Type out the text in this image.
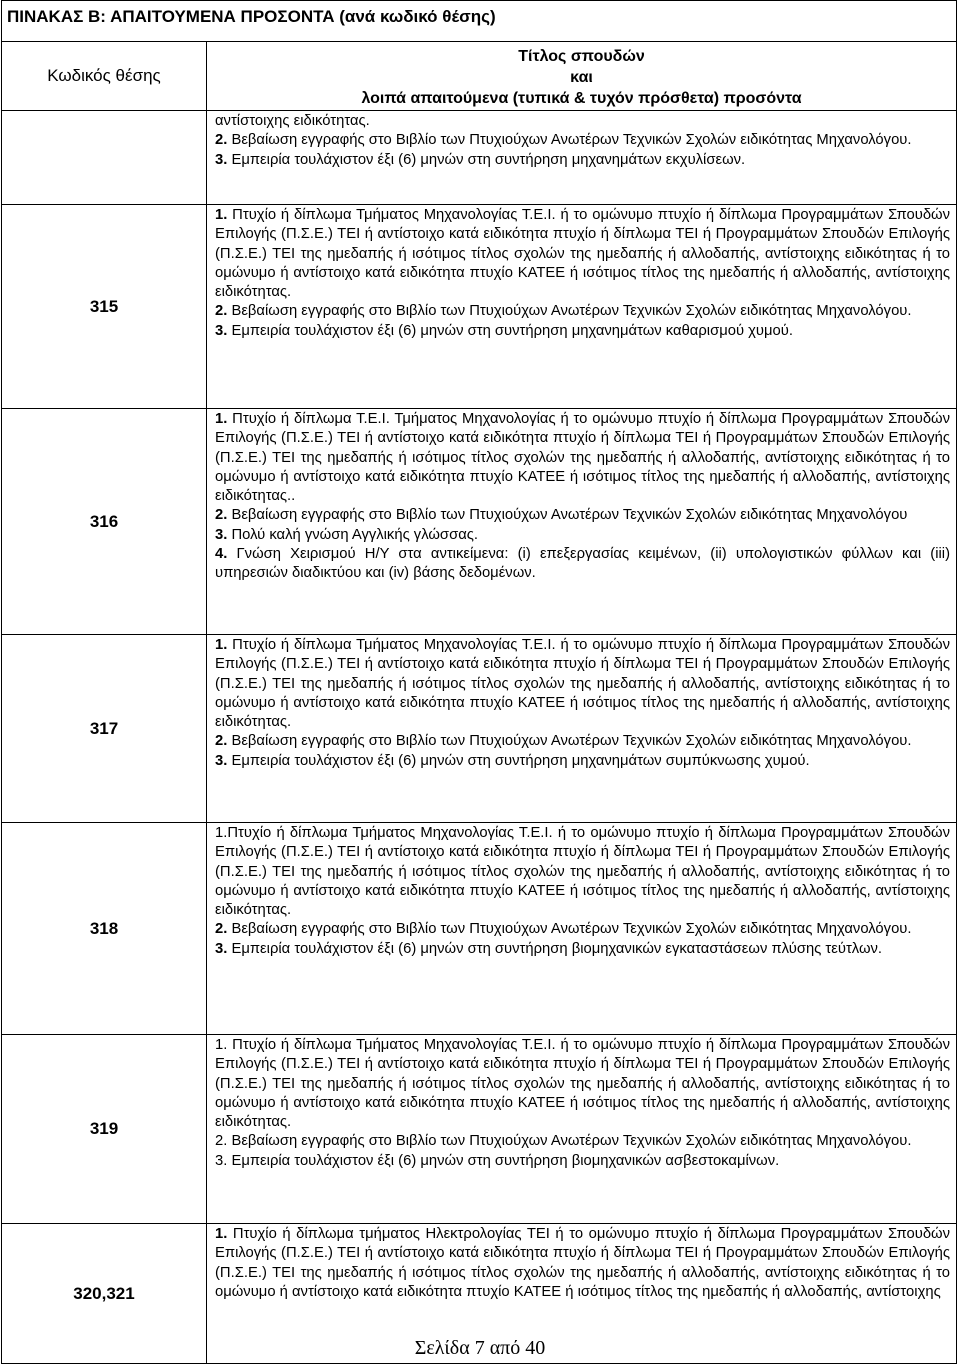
ΠΙΝΑΚΑΣ Β: ΑΠΑΙΤΟΥΜΕΝΑ ΠΡΟΣΟΝΤΑ (ανά κωδικό θέσης)	
Κωδικός θέσης	Τίτλος σπουδών
και
λοιπά απαιτούμενα (τυπικά & τυχόν πρόσθετα) προσόντα

	αντίστοιχης ειδικότητας.
2. Βεβαίωση εγγραφής στο Βιβλίο των Πτυχιούχων Ανωτέρων Τεχνικών Σχολών ειδικότητας Μηχανολόγου.
3. Εμπειρία τουλάχιστον έξι (6) μηνών στη συντήρηση μηχανημάτων εκχυλίσεων.

315	1. Πτυχίο ή δίπλωμα Τμήματος Μηχανολογίας Τ.Ε.Ι. ή το ομώνυμο πτυχίο ή δίπλωμα Προγραμμάτων Σπουδών Επιλογής (Π.Σ.Ε.) ΤΕΙ ή αντίστοιχο κατά ειδικότητα πτυχίο ή δίπλωμα ΤΕΙ ή Προγραμμάτων Σπουδών Επιλογής (Π.Σ.Ε.) ΤΕΙ της ημεδαπής ή ισότιμος τίτλος σχολών της ημεδαπής ή αλλοδαπής, αντίστοιχης ειδικότητας ή το ομώνυμο ή αντίστοιχο κατά ειδικότητα πτυχίο ΚΑΤΕΕ ή ισότιμος τίτλος της ημεδαπής ή αλλοδαπής, αντίστοιχης ειδικότητας.
2. Βεβαίωση εγγραφής στο Βιβλίο των Πτυχιούχων Ανωτέρων Τεχνικών Σχολών ειδικότητας Μηχανολόγου.
3. Εμπειρία τουλάχιστον έξι (6) μηνών στη συντήρηση μηχανημάτων καθαρισμού χυμού.

316	1. Πτυχίο ή δίπλωμα Τ.Ε.Ι. Τμήματος Μηχανολογίας ή το ομώνυμο πτυχίο ή δίπλωμα Προγραμμάτων Σπουδών Επιλογής (Π.Σ.Ε.) ΤΕΙ ή αντίστοιχο κατά ειδικότητα πτυχίο ή δίπλωμα ΤΕΙ ή Προγραμμάτων Σπουδών Επιλογής (Π.Σ.Ε.) ΤΕΙ της ημεδαπής ή ισότιμος τίτλος σχολών της ημεδαπής ή αλλοδαπής, αντίστοιχης ειδικότητας ή το ομώνυμο ή αντίστοιχο κατά ειδικότητα πτυχίο ΚΑΤΕΕ ή ισότιμος τίτλος της ημεδαπής ή αλλοδαπής, αντίστοιχης ειδικότητας..
2. Βεβαίωση εγγραφής στο Βιβλίο των Πτυχιούχων Ανωτέρων Τεχνικών Σχολών ειδικότητας Μηχανολόγου
3. Πολύ καλή γνώση Αγγλικής γλώσσας.
4. Γνώση Χειρισμού Η/Υ στα αντικείμενα: (i) επεξεργασίας κειμένων, (ii) υπολογιστικών φύλλων και (iii) υπηρεσιών διαδικτύου και (iv) βάσης δεδομένων.

317	1. Πτυχίο ή δίπλωμα Τμήματος Μηχανολογίας Τ.Ε.Ι. ή το ομώνυμο πτυχίο ή δίπλωμα Προγραμμάτων Σπουδών Επιλογής (Π.Σ.Ε.) ΤΕΙ ή αντίστοιχο κατά ειδικότητα πτυχίο ή δίπλωμα ΤΕΙ ή Προγραμμάτων Σπουδών Επιλογής (Π.Σ.Ε.) ΤΕΙ της ημεδαπής ή ισότιμος τίτλος σχολών της ημεδαπής ή αλλοδαπής, αντίστοιχης ειδικότητας ή το ομώνυμο ή αντίστοιχο κατά ειδικότητα πτυχίο ΚΑΤΕΕ ή ισότιμος τίτλος της ημεδαπής ή αλλοδαπής, αντίστοιχης ειδικότητας.
2. Βεβαίωση εγγραφής στο Βιβλίο των Πτυχιούχων Ανωτέρων Τεχνικών Σχολών ειδικότητας Μηχανολόγου.
3. Εμπειρία τουλάχιστον έξι (6) μηνών στη συντήρηση μηχανημάτων συμπύκνωσης χυμού.

318	1.Πτυχίο ή δίπλωμα Τμήματος Μηχανολογίας Τ.Ε.Ι. ή το ομώνυμο πτυχίο ή δίπλωμα Προγραμμάτων Σπουδών Επιλογής (Π.Σ.Ε.) ΤΕΙ ή αντίστοιχο κατά ειδικότητα πτυχίο ή δίπλωμα ΤΕΙ ή Προγραμμάτων Σπουδών Επιλογής (Π.Σ.Ε.) ΤΕΙ της ημεδαπής ή ισότιμος τίτλος σχολών της ημεδαπής ή αλλοδαπής, αντίστοιχης ειδικότητας ή το ομώνυμο ή αντίστοιχο κατά ειδικότητα πτυχίο ΚΑΤΕΕ ή ισότιμος τίτλος της ημεδαπής ή αλλοδαπής, αντίστοιχης ειδικότητας.
2. Βεβαίωση εγγραφής στο Βιβλίο των Πτυχιούχων Ανωτέρων Τεχνικών Σχολών ειδικότητας Μηχανολόγου.
3. Εμπειρία τουλάχιστον έξι (6) μηνών στη συντήρηση βιομηχανικών εγκαταστάσεων πλύσης τεύτλων.

319	1. Πτυχίο ή δίπλωμα Τμήματος Μηχανολογίας Τ.Ε.Ι. ή το ομώνυμο πτυχίο ή δίπλωμα Προγραμμάτων Σπουδών Επιλογής (Π.Σ.Ε.) ΤΕΙ ή αντίστοιχο κατά ειδικότητα πτυχίο ή δίπλωμα ΤΕΙ ή Προγραμμάτων Σπουδών Επιλογής (Π.Σ.Ε.) ΤΕΙ της ημεδαπής ή ισότιμος τίτλος σχολών της ημεδαπής ή αλλοδαπής, αντίστοιχης ειδικότητας ή το ομώνυμο ή αντίστοιχο κατά ειδικότητα πτυχίο ΚΑΤΕΕ ή ισότιμος τίτλος της ημεδαπής ή αλλοδαπής, αντίστοιχης ειδικότητας.
2. Βεβαίωση εγγραφής στο Βιβλίο των Πτυχιούχων Ανωτέρων Τεχνικών Σχολών ειδικότητας Μηχανολόγου.
3. Εμπειρία τουλάχιστον έξι (6) μηνών στη συντήρηση βιομηχανικών ασβεστοκαμίνων.

320,321	1. Πτυχίο ή δίπλωμα τμήματος Ηλεκτρολογίας ΤΕΙ ή το ομώνυμο πτυχίο ή δίπλωμα Προγραμμάτων Σπουδών Επιλογής (Π.Σ.Ε.) ΤΕΙ ή αντίστοιχο κατά ειδικότητα πτυχίο ή δίπλωμα ΤΕΙ ή Προγραμμάτων Σπουδών Επιλογής (Π.Σ.Ε.) ΤΕΙ της ημεδαπής ή ισότιμος τίτλος σχολών της ημεδαπής ή αλλοδαπής, αντίστοιχης ειδικότητας ή το ομώνυμο ή αντίστοιχο κατά ειδικότητα πτυχίο ΚΑΤΕΕ ή ισότιμος τίτλος της ημεδαπής ή αλλοδαπής, αντίστοιχης
Σελίδα 7 από 40
